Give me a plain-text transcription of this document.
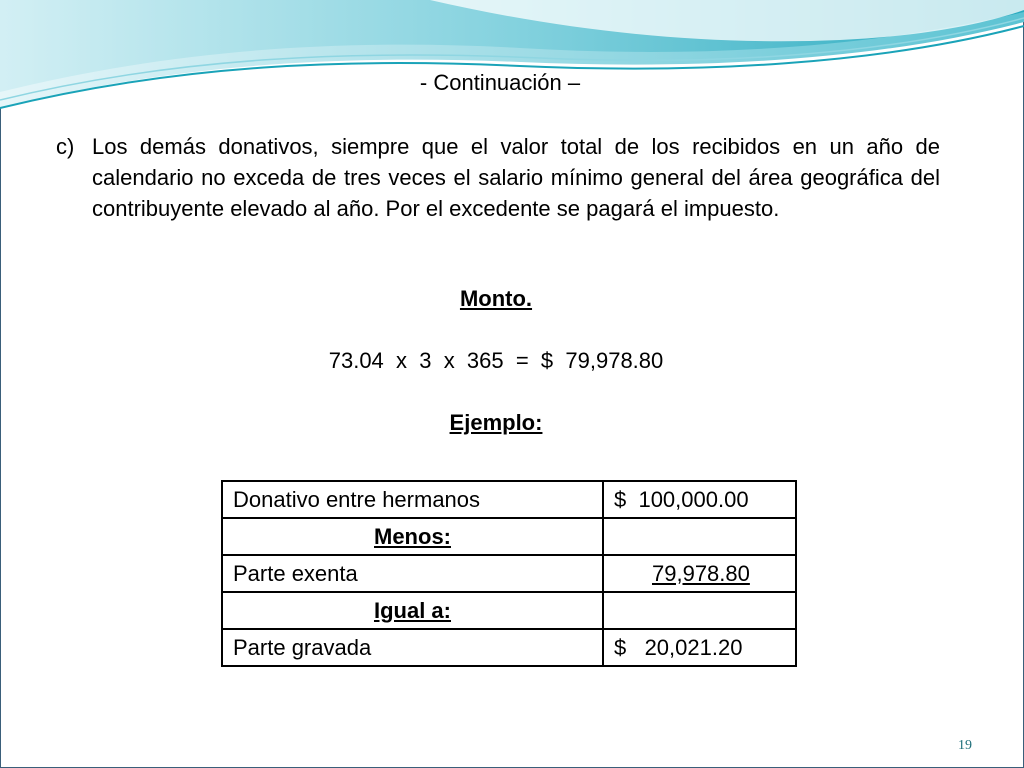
- Continuación –
c) Los demás donativos, siempre que el valor total de los recibidos en un año de calendario no exceda de tres veces el salario mínimo general del área geográfica del contribuyente elevado al año. Por el excedente se pagará el impuesto.
Monto.
73.04  x  3  x  365  =  $  79,978.80
Ejemplo:
Donativo entre hermanos	$  100,000.00
Menos:	
Parte exenta	79,978.80
Igual a:	
Parte gravada	$   20,021.20
19
